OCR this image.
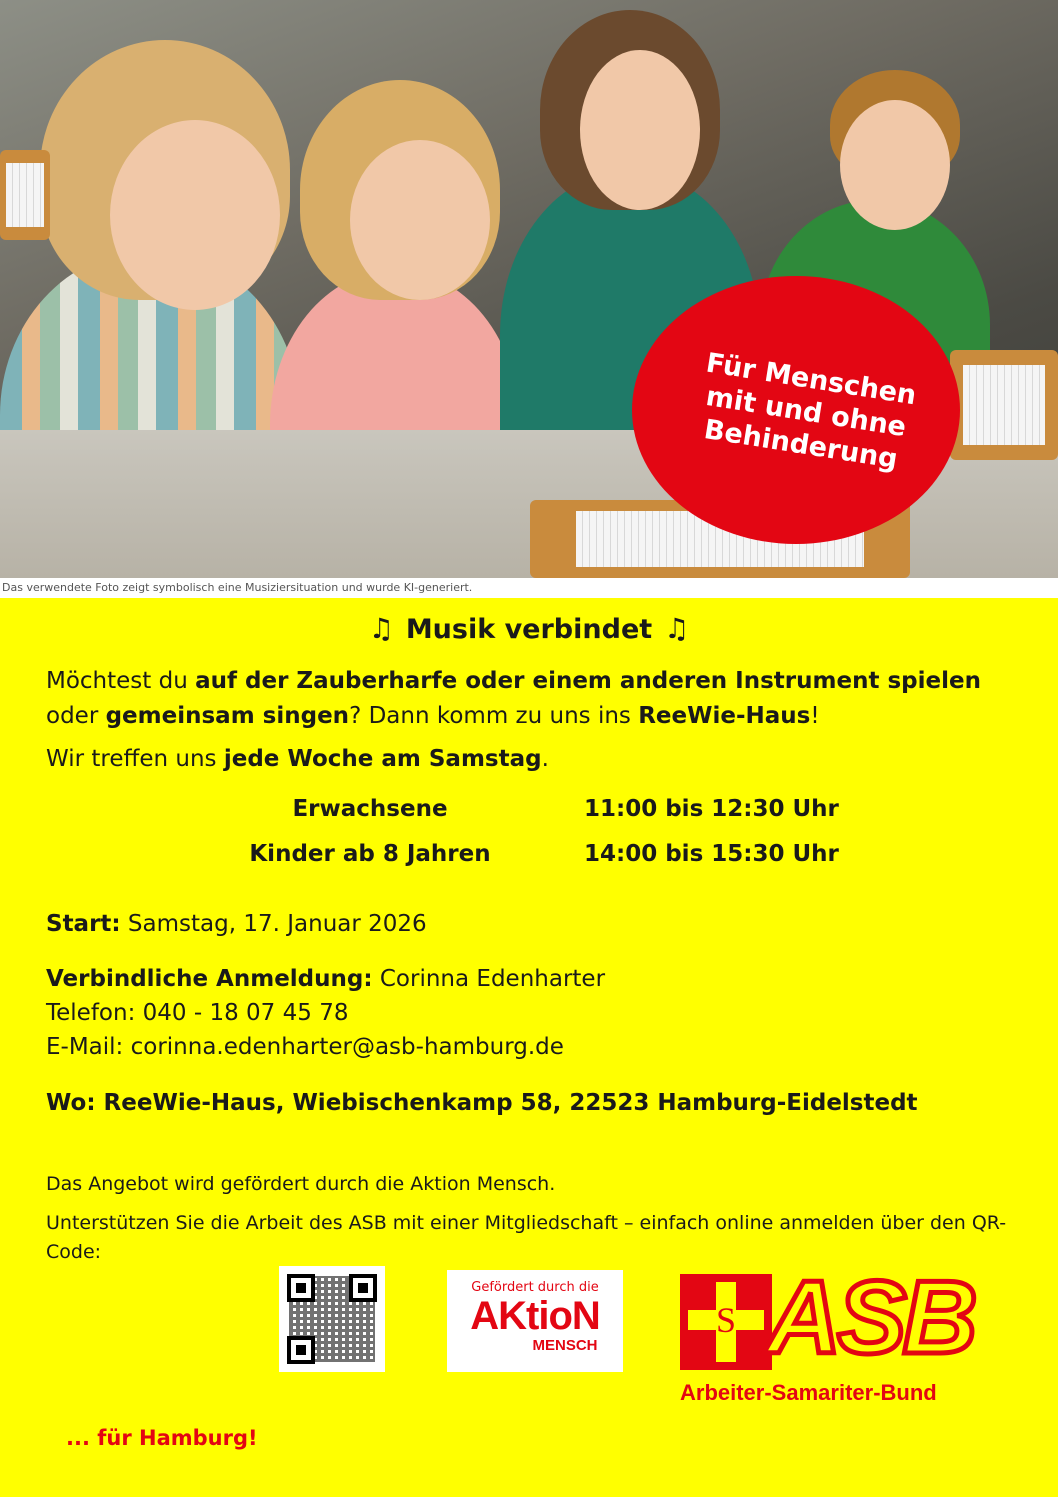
Für Menschen
mit und ohne
Behinderung
Das verwendete Foto zeigt symbolisch eine Musiziersituation und wurde KI-generiert.
♫ Musik verbindet ♫

Möchtest du auf der Zauberharfe oder einem anderen Instrument spielen oder gemeinsam singen? Dann komm zu uns ins ReeWie-Haus!

Wir treffen uns jede Woche am Samstag.

Erwachsene	11:00 bis 12:30 Uhr
Kinder ab 8 Jahren	14:00 bis 15:30 Uhr
Start: Samstag, 17. Januar 2026
Verbindliche Anmeldung: Corinna Edenharter
Telefon: 040 - 18 07 45 78
E-Mail: corinna.edenharter@asb-hamburg.de
Wo: ReeWie-Haus, Wiebischenkamp 58, 22523 Hamburg-Eidelstedt
Das Angebot wird gefördert durch die Aktion Mensch.
Unterstützen Sie die Arbeit des ASB mit einer Mitgliedschaft – einfach online anmelden über den QR-Code:
Gefördert durch die
AKtioN
MENSCH
S ASB
Arbeiter-Samariter-Bund
... für Hamburg!
